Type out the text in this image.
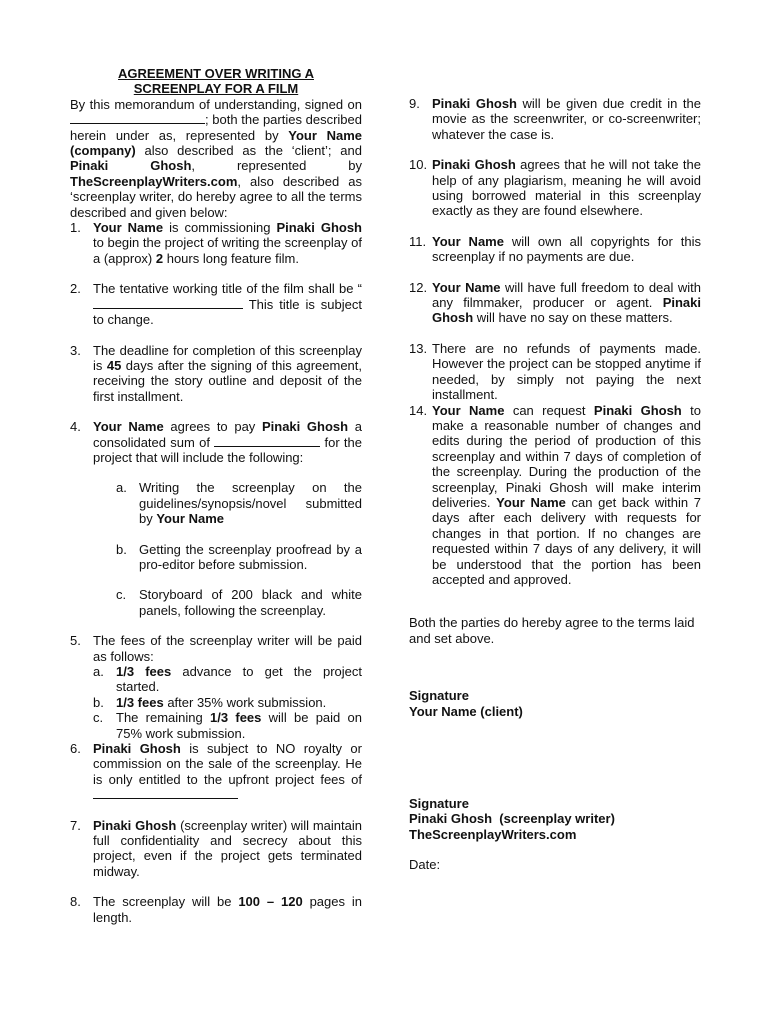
AGREEMENT OVER WRITING A
SCREENPLAY FOR A FILM

By this memorandum of understanding, signed on ; both the parties described herein under as, represented by Your Name (company) also described as the ‘client’; and Pinaki Ghosh, represented by TheScreenplayWriters.com, also described as ‘screenplay writer, do hereby agree to all the terms described and given below:

1. Your Name is commissioning Pinaki Ghosh to begin the project of writing the screenplay of a (approx) 2 hours long feature film.

2. The tentative working title of the film shall be “ This title is subject to change.

3. The deadline for completion of this screenplay is 45 days after the signing of this agreement, receiving the story outline and deposit of the first installment.

4. Your Name agrees to pay Pinaki Ghosh a consolidated sum of	for the project that will include the following:

a. Writing the screenplay on the guidelines/synopsis/novel submitted by Your Name

b. Getting the screenplay proofread by a pro-editor before submission.

c. Storyboard of 200 black and white panels, following the screenplay.

5. The fees of the screenplay writer will be paid as follows:

a. 1/3 fees advance to get the project started.

b. 1/3 fees after 35% work submission.

c. The remaining 1/3 fees will be paid on 75% work submission.

6. Pinaki Ghosh is subject to NO royalty or commission on the sale of the screenplay. He is only entitled to the upfront project fees of

7. Pinaki Ghosh (screenplay writer) will maintain full confidentiality and secrecy about this project, even if the project gets terminated midway.

8. The screenplay will be 100 – 120 pages in length.

9. Pinaki Ghosh will be given due credit in the movie as the screenwriter, or co-screenwriter; whatever the case is.

10. Pinaki Ghosh agrees that he will not take the help of any plagiarism, meaning he will avoid using borrowed material in this screenplay exactly as they are found elsewhere.

11. Your Name will own all copyrights for this screenplay if no payments are due.

12. Your Name will have full freedom to deal with any filmmaker, producer or agent. Pinaki Ghosh will have no say on these matters.

13. There are no refunds of payments made. However the project can be stopped anytime if needed, by simply not paying the next installment.

14. Your Name can request Pinaki Ghosh to make a reasonable number of changes and edits during the period of production of this screenplay and within 7 days of completion of the screenplay. During the production of the screenplay, Pinaki Ghosh will make interim deliveries. Your Name can get back within 7 days after each delivery with requests for changes in that portion. If no changes are requested within 7 days of any delivery, it will be understood that the portion has been accepted and approved.

Both the parties do hereby agree to the terms laid and set above.

Signature
Your Name (client)

Signature
Pinaki Ghosh  (screenplay writer)
TheScreenplayWriters.com

Date:
